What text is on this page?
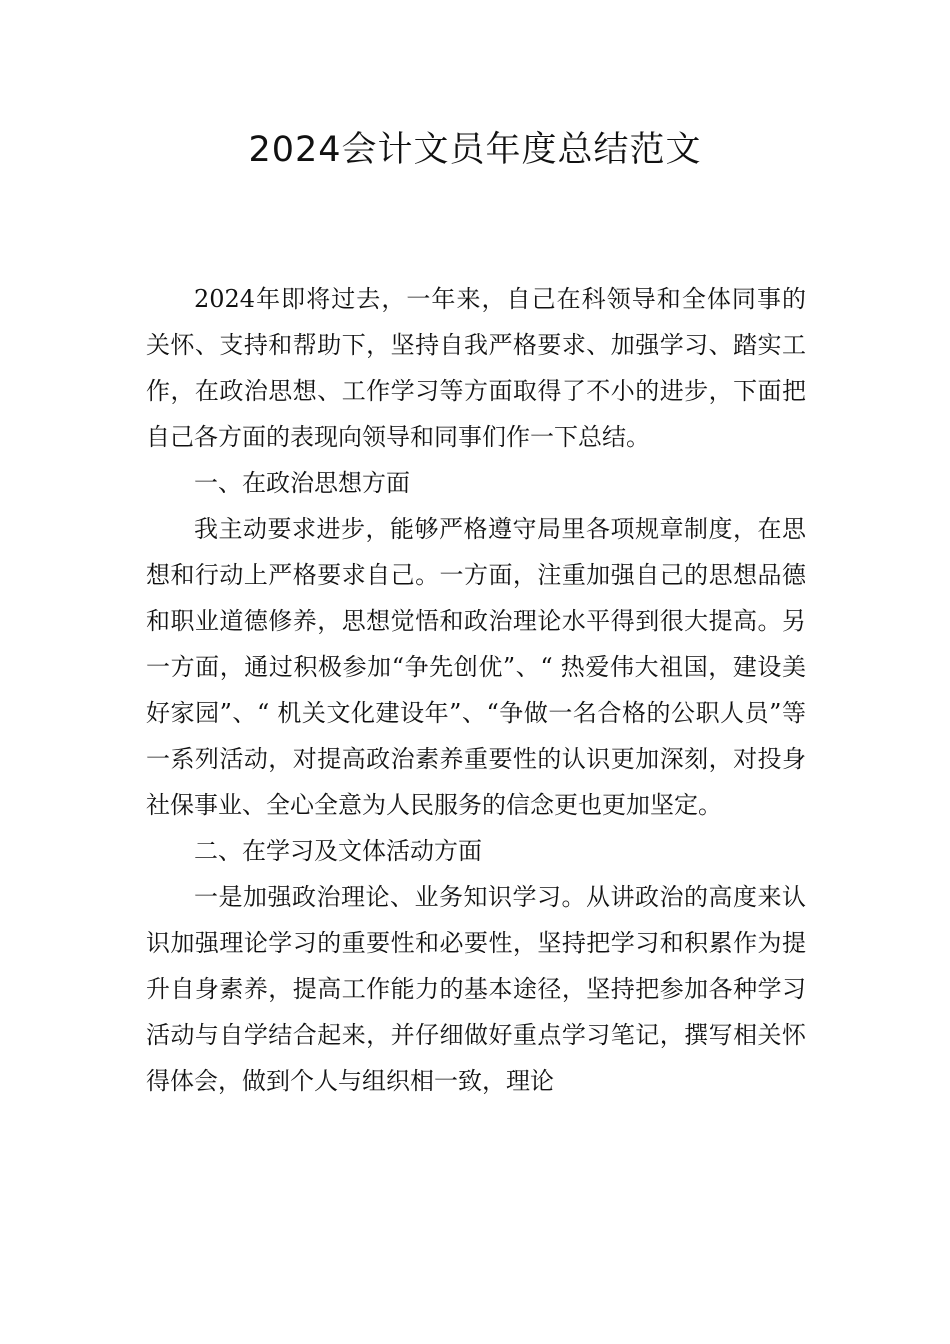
2024会计文员年度总结范文

2024年即将过去，一年来，自己在科领导和全体同事的关怀、支持和帮助下，坚持自我严格要求、加强学习、踏实工作，在政治思想、工作学习等方面取得了不小的进步，下面把自己各方面的表现向领导和同事们作一下总结。

一、在政治思想方面

我主动要求进步，能够严格遵守局里各项规章制度，在思想和行动上严格要求自己。一方面，注重加强自己的思想品德和职业道德修养，思想觉悟和政治理论水平得到很大提高。另一方面，通过积极参加“争先创优”、“ 热爱伟大祖国，建设美好家园”、“ 机关文化建设年”、“争做一名合格的公职人员”等一系列活动，对提高政治素养重要性的认识更加深刻，对投身社保事业、全心全意为人民服务的信念更也更加坚定。

二、在学习及文体活动方面

一是加强政治理论、业务知识学习。从讲政治的高度来认识加强理论学习的重要性和必要性，坚持把学习和积累作为提升自身素养，提高工作能力的基本途径，坚持把参加各种学习活动与自学结合起来，并仔细做好重点学习笔记，撰写相关怀得体会，做到个人与组织相一致，理论
